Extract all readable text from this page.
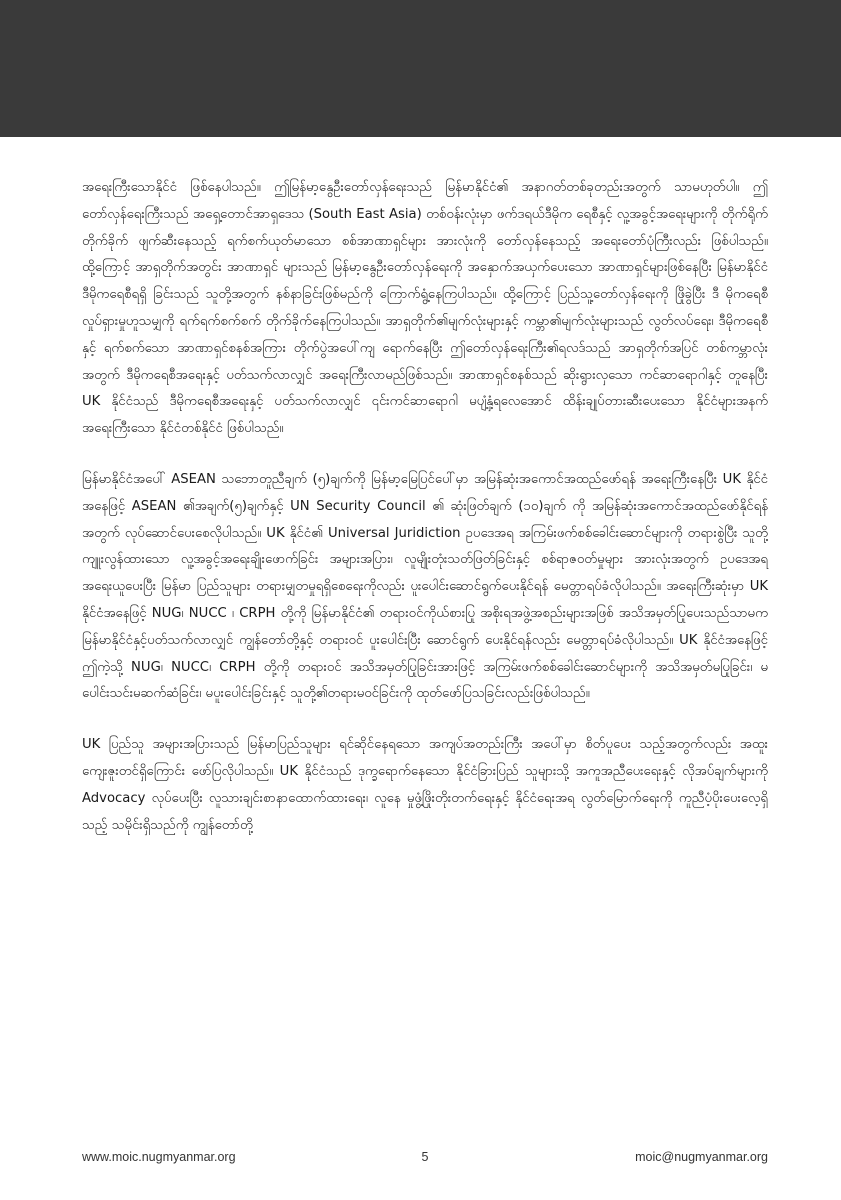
အရေးကြီးသောနိုင်ငံ ဖြစ်နေပါသည်။ ဤမြန်မာ့နွေဦးတော်လှန်ရေးသည် မြန်မာနိုင်ငံ၏ အနာဂတ်တစ်ခုတည်းအတွက် သာမဟုတ်ပါ။ ဤတော်လှန်ရေးကြီးသည် အရှေ့တောင်အာရှဒေသ (South East Asia) တစ်ဝန်းလုံးမှာ ဖက်ဒရယ်ဒီမိုက ရေစီနှင့် လူ့အခွင့်အရေးများကို တိုက်ရိုက်တိုက်ခိုက် ဖျက်ဆီးနေသည့် ရက်စက်ယုတ်မာသော စစ်အာဏာရှင်များ အားလုံးကို တော်လှန်နေသည့် အရေးတော်ပုံကြီးလည်း ဖြစ်ပါသည်။ ထို့ကြောင့် အာရှတိုက်အတွင်း အာဏာရှင် များသည် မြန်မာ့နွေဦးတော်လှန်ရေးကို အနှောက်အယှက်ပေးသော အာဏာရှင်များဖြစ်နေပြီး မြန်မာနိုင်ငံ ဒီမိုကရေစီရရှိ ခြင်းသည် သူတို့အတွက် နစ်နာခြင်းဖြစ်မည်ကို ကြောက်ရွံ့နေကြပါသည်။ ထို့ကြောင့် ပြည်သူ့တော်လှန်ရေးကို ဖြိုခွဲပြီး ဒီ မိုကရေစီ လှုပ်ရှားမှုဟူသမျှကို ရက်ရက်စက်စက် တိုက်ခိုက်နေကြပါသည်။ အာရှတိုက်၏မျက်လုံးများနှင့် ကမ္ဘာ၏မျက်လုံးများသည် လွတ်လပ်ရေး၊ ဒီမိုကရေစီနှင့် ရက်စက်သော အာဏာရှင်စနစ်အကြား တိုက်ပွဲအပေါ်ကျ ရောက်နေပြီး ဤတော်လှန်ရေးကြီး၏ရလဒ်သည် အာရှတိုက်အပြင် တစ်ကမ္ဘာလုံးအတွက် ဒီမိုကရေစီအရေးနှင့် ပတ်သက်လာလျှင် အရေးကြီးလာမည်ဖြစ်သည်။ အာဏာရှင်စနစ်သည် ဆိုးရွားလှသော ကင်ဆာရောဂါနှင့် တူနေပြီး UK နိုင်ငံသည် ဒီမိုကရေစီအရေးနှင့် ပတ်သက်လာလျှင် ၎င်းကင်ဆာရောဂါ မပျံ့နှံ့ရလေအောင် ထိန်းချုပ်တားဆီးပေးသော နိုင်ငံများအနက် အရေးကြီးသော နိုင်ငံတစ်နိုင်ငံ ဖြစ်ပါသည်။

မြန်မာနိုင်ငံအပေါ် ASEAN သဘောတူညီချက် (၅)ချက်ကို မြန်မာ့မြေပြင်ပေါ်မှာ အမြန်ဆုံးအကောင်အထည်ဖော်ရန် အရေးကြီးနေပြီး UK နိုင်ငံအနေဖြင့် ASEAN ၏အချက်(၅)ချက်နှင့် UN Security Council ၏ ဆုံးဖြတ်ချက် (၁၀)ချက် ကို အမြန်ဆုံးအကောင်အထည်ဖော်နိုင်ရန်အတွက် လုပ်ဆောင်ပေးစေလိုပါသည်။ UK နိုင်ငံ၏ Universal Juridiction ဥပဒေအရ အကြမ်းဖက်စစ်ခေါင်းဆောင်များကို တရားစွဲပြီး သူတို့ကျူးလွန်ထားသော လူ့အခွင့်အရေးချိုးဖောက်ခြင်း အများအပြား၊ လူမျိုးတုံးသတ်ဖြတ်ခြင်းနှင့် စစ်ရာဇဝတ်မှုများ အားလုံးအတွက် ဥပဒေအရ အရေးယူပေးပြီး မြန်မာ ပြည်သူများ တရားမျှတမှုရရှိစေရေးကိုလည်း ပူးပေါင်းဆောင်ရွက်ပေးနိုင်ရန် မေတ္တာရပ်ခံလိုပါသည်။ အရေးကြီးဆုံးမှာ UK နိုင်ငံအနေဖြင့် NUG၊ NUCC ၊ CRPH တို့ကို မြန်မာနိုင်ငံ၏ တရားဝင်ကိုယ်စားပြု အစိုးရအဖွဲ့အစည်းများအဖြစ် အသိအမှတ်ပြုပေးသည်သာမက မြန်မာနိုင်ငံနှင့်ပတ်သက်လာလျှင် ကျွန်တော်တို့နှင့် တရားဝင် ပူးပေါင်းပြီး ဆောင်ရွက် ပေးနိုင်ရန်လည်း မေတ္တာရပ်ခံလိုပါသည်။ UK နိုင်ငံအနေဖြင့် ဤကဲ့သို့ NUG၊ NUCC၊ CRPH တို့ကို တရားဝင် အသိအမှတ်ပြုခြင်းအားဖြင့် အကြမ်းဖက်စစ်ခေါင်းဆောင်များကို အသိအမှတ်မပြုခြင်း၊ မပေါင်းသင်းမဆက်ဆံခြင်း၊ မပူးပေါင်းခြင်းနှင့် သူတို့၏တရားမဝင်ခြင်းကို ထုတ်ဖော်ပြသခြင်းလည်းဖြစ်ပါသည်။

UK ပြည်သူ အများအပြားသည် မြန်မာပြည်သူများ ရင်ဆိုင်နေရသော အကျပ်အတည်းကြီး အပေါ်မှာ စိတ်ပူပေး သည့်အတွက်လည်း အထူးကျေးဇူးတင်ရှိကြောင်း ဖော်ပြလိုပါသည်။ UK နိုင်ငံသည် ဒုက္ခရောက်နေသော နိုင်ငံခြားပြည် သူများသို့ အကူအညီပေးရေးနှင့် လိုအပ်ချက်များကို Advocacy လုပ်ပေးပြီး လူသားချင်းစာနာထောက်ထားရေး၊ လူနေ မှုဖွံ့ဖြိုးတိုးတက်ရေးနှင့် နိုင်ငံရေးအရ လွတ်မြောက်ရေးကို ကူညီပံ့ပိုးပေးလေ့ရှိသည့် သမိုင်းရှိသည်ကို ကျွန်တော်တို့

www.moic.nugmyanmar.org	5	moic@nugmyanmar.org
